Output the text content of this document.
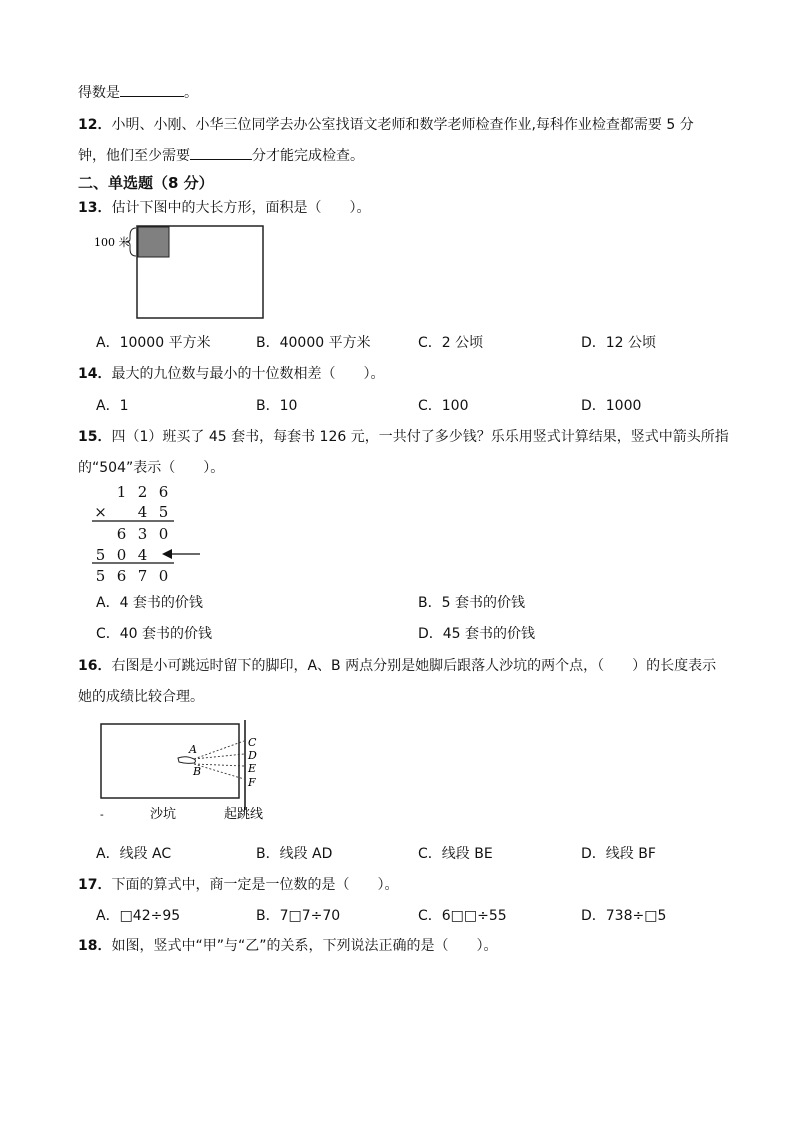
得数是	。
12．小明、小刚、小华三位同学去办公室找语文老师和数学老师检查作业,每科作业检查都需要 5 分
钟，他们至少需要	分才能完成检查。
二、单选题（8 分）
13．估计下图中的大长方形，面积是（　　）。
100 米
A．10000 平方米	B．40000 平方米	C．2 公顷	D．12 公顷
14．最大的九位数与最小的十位数相差（　　）。
A．1	B．10	C．100	D．1000
15．四（1）班买了 45 套书，每套书 126 元，一共付了多少钱？乐乐用竖式计算结果，竖式中箭头所指
的“504”表示（　　）。
1 2 6
× 4 5
6 3 0
5 0 4
5 6 7 0
A．4 套书的价钱	B．5 套书的价钱
C．40 套书的价钱	D．45 套书的价钱
16．右图是小可跳远时留下的脚印，A、B 两点分别是她脚后跟落人沙坑的两个点，（　　）的长度表示
她的成绩比较合理。
A
B
C
D
E
F
-	沙坑	起跳线
A．线段 AC	B．线段 AD	C．线段 BE	D．线段 BF
17．下面的算式中，商一定是一位数的是（　　）。
A．□42÷95	B．7□7÷70	C．6□□÷55	D．738÷□5
18．如图，竖式中“甲”与“乙”的关系，下列说法正确的是（　　）。
